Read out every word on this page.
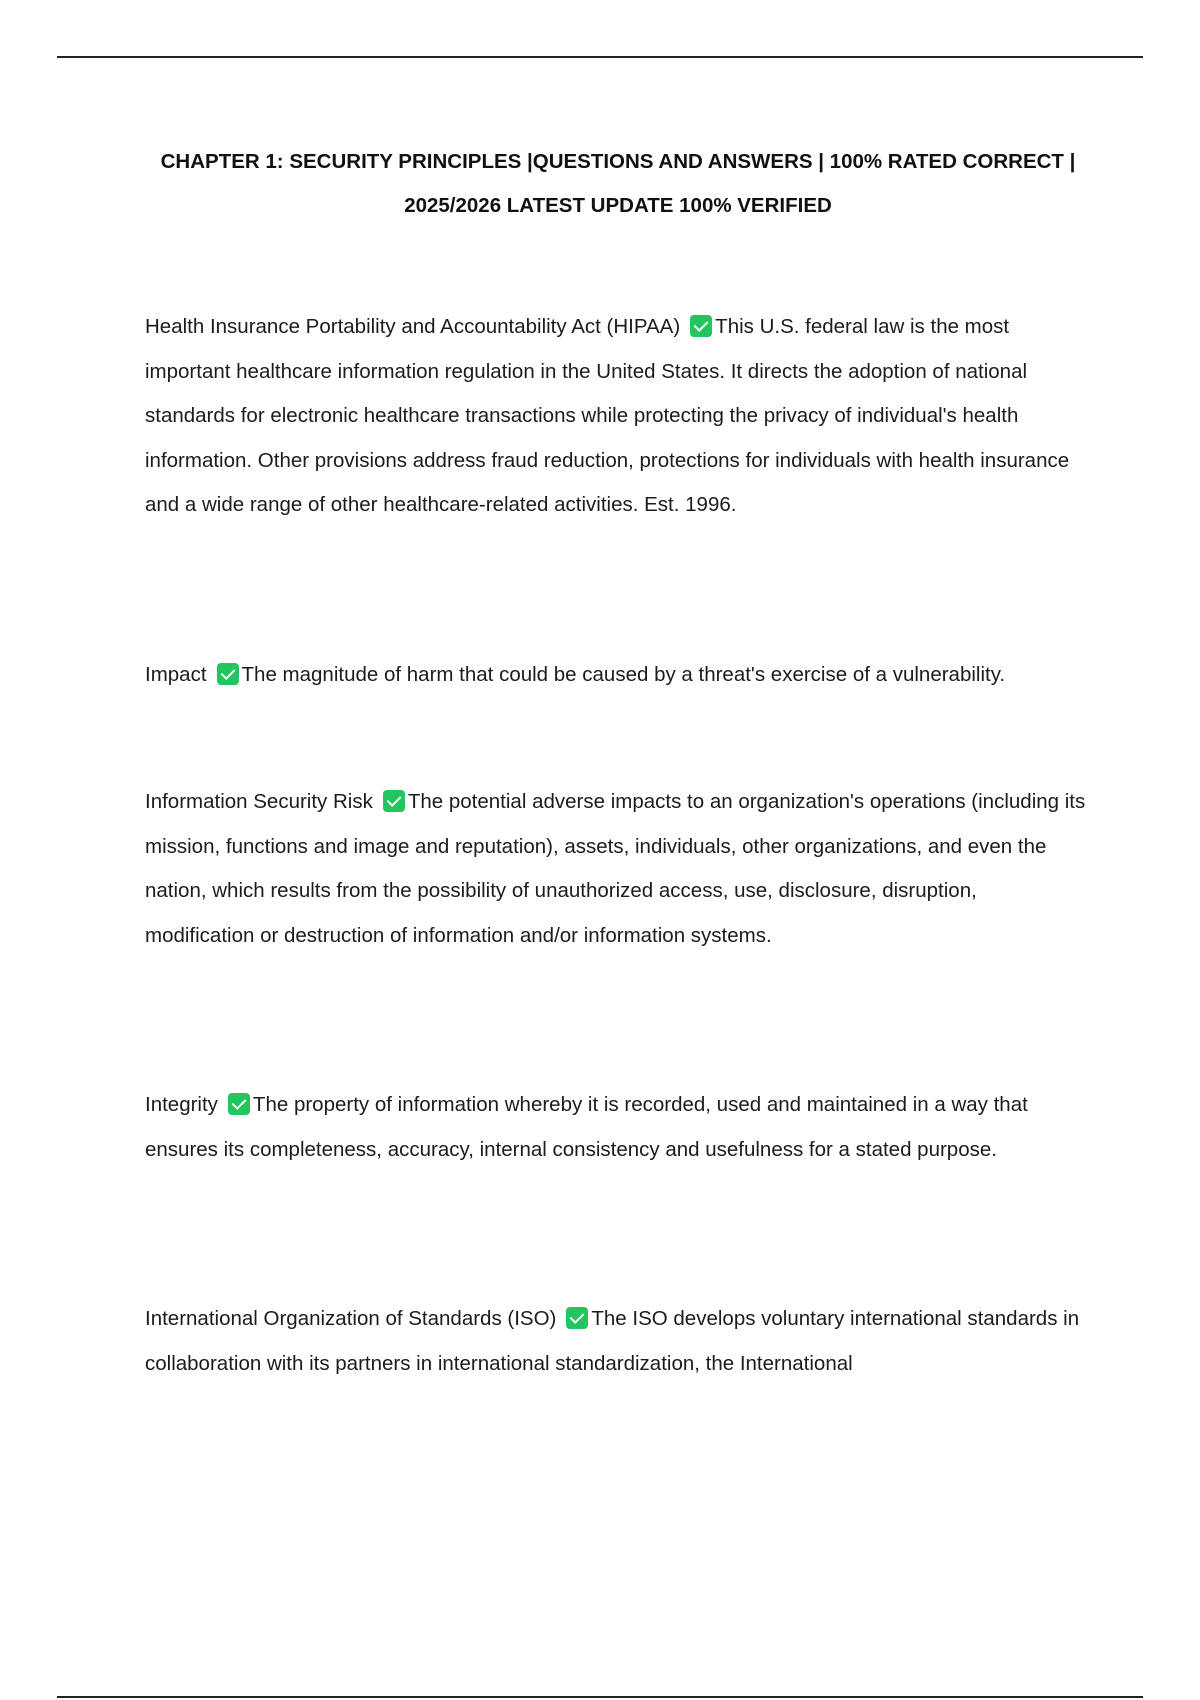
CHAPTER 1: SECURITY PRINCIPLES |QUESTIONS AND ANSWERS | 100% RATED CORRECT |
2025/2026 LATEST UPDATE 100% VERIFIED

Health Insurance Portability and Accountability Act (HIPAA) This U.S. federal law is the most important healthcare information regulation in the United States. It directs the adoption of national standards for electronic healthcare transactions while protecting the privacy of individual's health information. Other provisions address fraud reduction, protections for individuals with health insurance and a wide range of other healthcare-related activities. Est. 1996.

Impact The magnitude of harm that could be caused by a threat's exercise of a vulnerability.

Information Security Risk The potential adverse impacts to an organization's operations (including its mission, functions and image and reputation), assets, individuals, other organizations, and even the nation, which results from the possibility of unauthorized access, use, disclosure, disruption, modification or destruction of information and/or information systems.

Integrity The property of information whereby it is recorded, used and maintained in a way that ensures its completeness, accuracy, internal consistency and usefulness for a stated purpose.

International Organization of Standards (ISO) The ISO develops voluntary international standards in collaboration with its partners in international standardization, the International
